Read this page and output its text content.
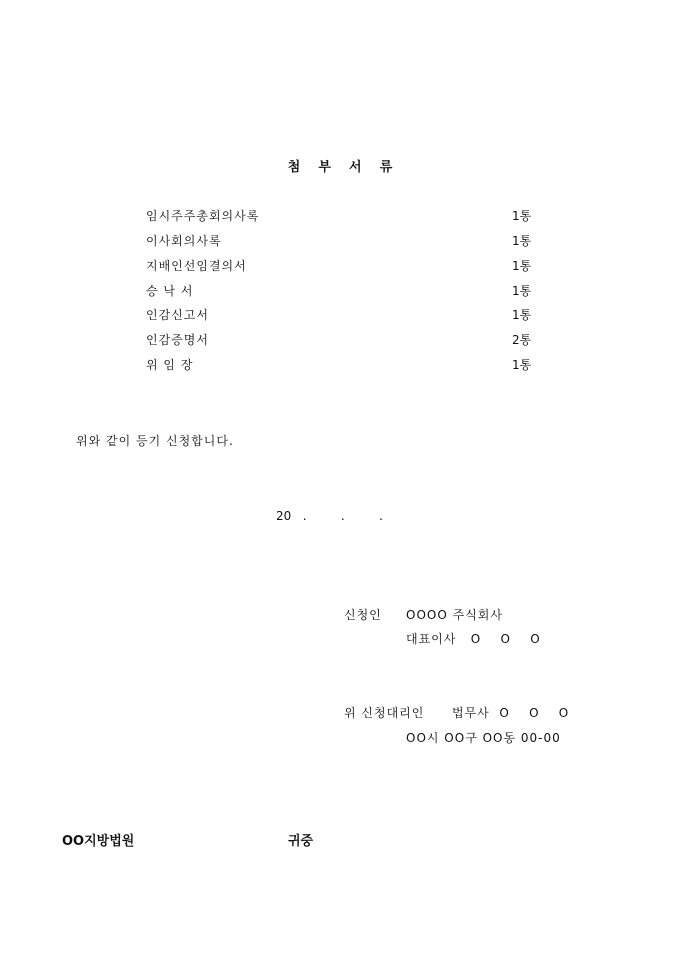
첨    부    서    류
임시주주총회의사록	1통
이사회의사록	1통
지배인선임결의서	1통
승 낙 서	1통
인감신고서	1통
인감증명서	2통
위 임 장	1통
위와 같이 등기 신청합니다.
20   .         .         .
신청인 OOOO 주식회사
대표이사   O    O    O
위 신청대리인 법무사  O    O    O
OO시 OO구 OO동 00-00
OO지방법원	귀중
